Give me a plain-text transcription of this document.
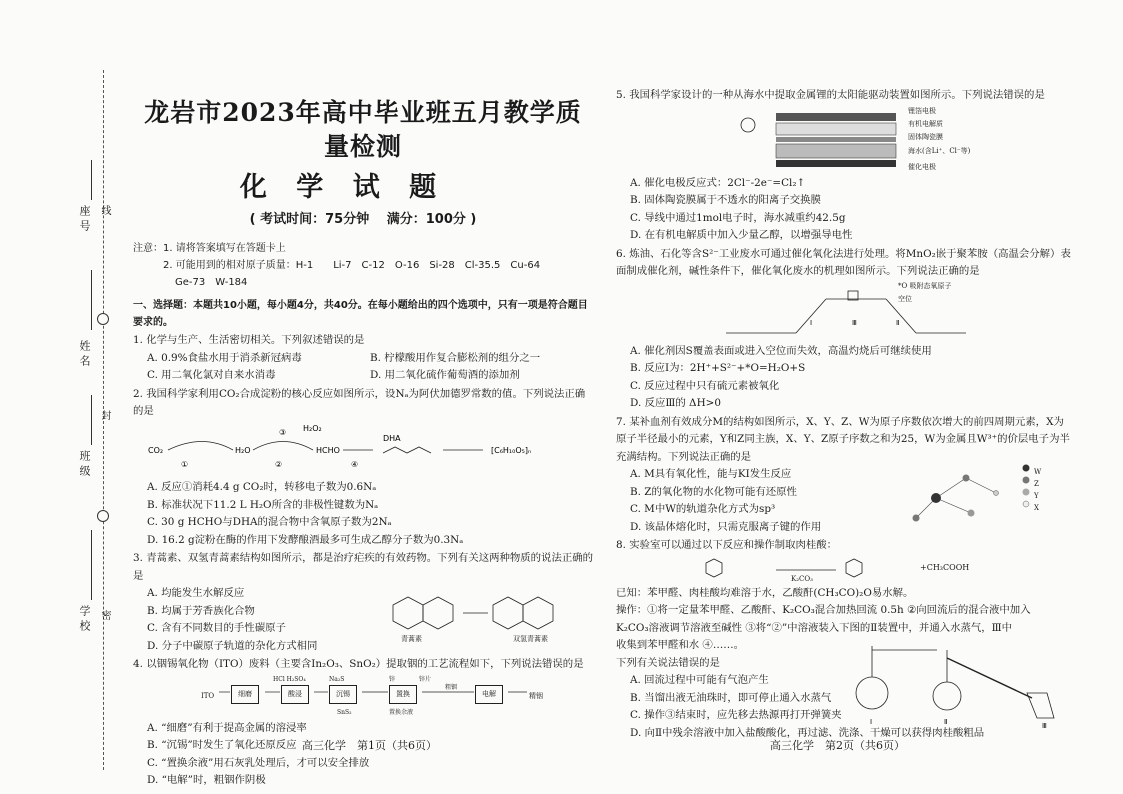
座号 线
姓名
封
班级
密
学校
龙岩市2023年高中毕业班五月教学质量检测
化 学 试 题
( 考试时间：75分钟　 满分：100分 )
注意：1. 请将答案填写在答题卡上
2. 可能用到的相对原子质量：H-1　　Li-7　C-12　O-16　Si-28　Cl-35.5　Cu-64
Ge-73　W-184
一、选择题：本题共10小题，每小题4分，共40分。在每小题给出的四个选项中，只有一项是符合题目要求的。
1. 化学与生产、生活密切相关。下列叙述错误的是
A. 0.9%食盐水用于消杀新冠病毒	B. 柠檬酸用作复合膨松剂的组分之一
C. 用二氧化氯对自来水消毒	D. 用二氧化硫作葡萄酒的添加剂
2. 我国科学家利用CO₂合成淀粉的核心反应如图所示，设Nₐ为阿伏加德罗常数的值。下列说法正确的是
CO₂
①
H₂O
②
HCHO
④
DHA
[C₆H₁₀O₅]ₙ
H₂O₂
③
A. 反应①消耗4.4 g CO₂时，转移电子数为0.6Nₐ
B. 标准状况下11.2 L H₂O所含的非极性键数为Nₐ
C. 30 g HCHO与DHA的混合物中含氧原子数为2Nₐ
D. 16.2 g淀粉在酶的作用下发酵酿酒最多可生成乙醇分子数为0.3Nₐ
3. 青蒿素、双氢青蒿素结构如图所示，都是治疗疟疾的有效药物。下列有关这两种物质的说法正确的是
青蒿素	双氢青蒿素
A. 均能发生水解反应
B. 均属于芳香族化合物
C. 含有不同数目的手性碳原子
D. 分子中碳原子轨道的杂化方式相同
4. 以铟锡氧化物（ITO）废料（主要含In₂O₃、SnO₂）提取铟的工艺流程如下，下列说法错误的是
ITO	细磨	酸浸	沉锡	置换	电解	精铟
HCl H₂SO₄	Na₂S	锌	锌片
粗铟
SnS₂	置换余液
A. “细磨”有利于提高金属的溶浸率
B. “沉锡”时发生了氧化还原反应
C. “置换余液”用石灰乳处理后，才可以安全排放
D. “电解”时，粗铟作阴极
5. 我国科学家设计的一种从海水中提取金属锂的太阳能驱动装置如图所示。下列说法错误的是
锂箔电极
有机电解质
固体陶瓷膜
海水(含Li⁺、Cl⁻等)
催化电极
A. 催化电极反应式：2Cl⁻-2e⁻=Cl₂↑
B. 固体陶瓷膜属于不透水的阳离子交换膜
C. 导线中通过1mol电子时，海水减重约42.5g
D. 在有机电解质中加入少量乙醇，以增强导电性
6. 炼油、石化等含S²⁻工业废水可通过催化氧化法进行处理。将MnO₂嵌于聚苯胺（高温会分解）表面制成催化剂，碱性条件下，催化氧化废水的机理如图所示。下列说法正确的是
Ⅰ	Ⅲ	Ⅱ
*O 吸附态氧原子
空位
A. 催化剂因S覆盖表面或进入空位而失效，高温灼烧后可继续使用
B. 反应Ⅰ为：2H⁺+S²⁻+*O=H₂O+S
C. 反应过程中只有硫元素被氧化
D. 反应Ⅲ的 ΔH>0
7. 某补血剂有效成分M的结构如图所示，X、Y、Z、W为原子序数依次增大的前四周期元素，X为原子半径最小的元素，Y和Z同主族，X、Y、Z原子序数之和为25，W为金属且W³⁺的价层电子为半充满结构。下列说法正确的是
W
Z
Y
X
A. M具有氧化性，能与KI发生反应
B. Z的氧化物的水化物可能有还原性
C. M中W的轨道杂化方式为sp³
D. 该晶体熔化时，只需克服离子键的作用
8. 实验室可以通过以下反应和操作制取肉桂酸：
K₂CO₃
+CH₃COOH
已知：苯甲醛、肉桂酸均难溶于水，乙酸酐(CH₃CO)₂O易水解。
操作：①将一定量苯甲醛、乙酸酐、K₂CO₃混合加热回流 0.5h ②向回流后的混合液中加入
K₂CO₃溶液调节溶液至碱性 ③将“②”中溶液装入下图的Ⅱ装置中，并通入水蒸气，Ⅲ中
收集到苯甲醛和水 ④……。
下列有关说法错误的是
A. 回流过程中可能有气泡产生
B. 当馏出液无油珠时，即可停止通入水蒸气
C. 操作③结束时，应先移去热源再打开弹簧夹
D. 向Ⅱ中残余溶液中加入盐酸酸化，再过滤、洗涤、干燥可以获得肉桂酸粗品
Ⅰ	Ⅱ	Ⅲ
高三化学　第1页（共6页）	高三化学　第2页（共6页）
